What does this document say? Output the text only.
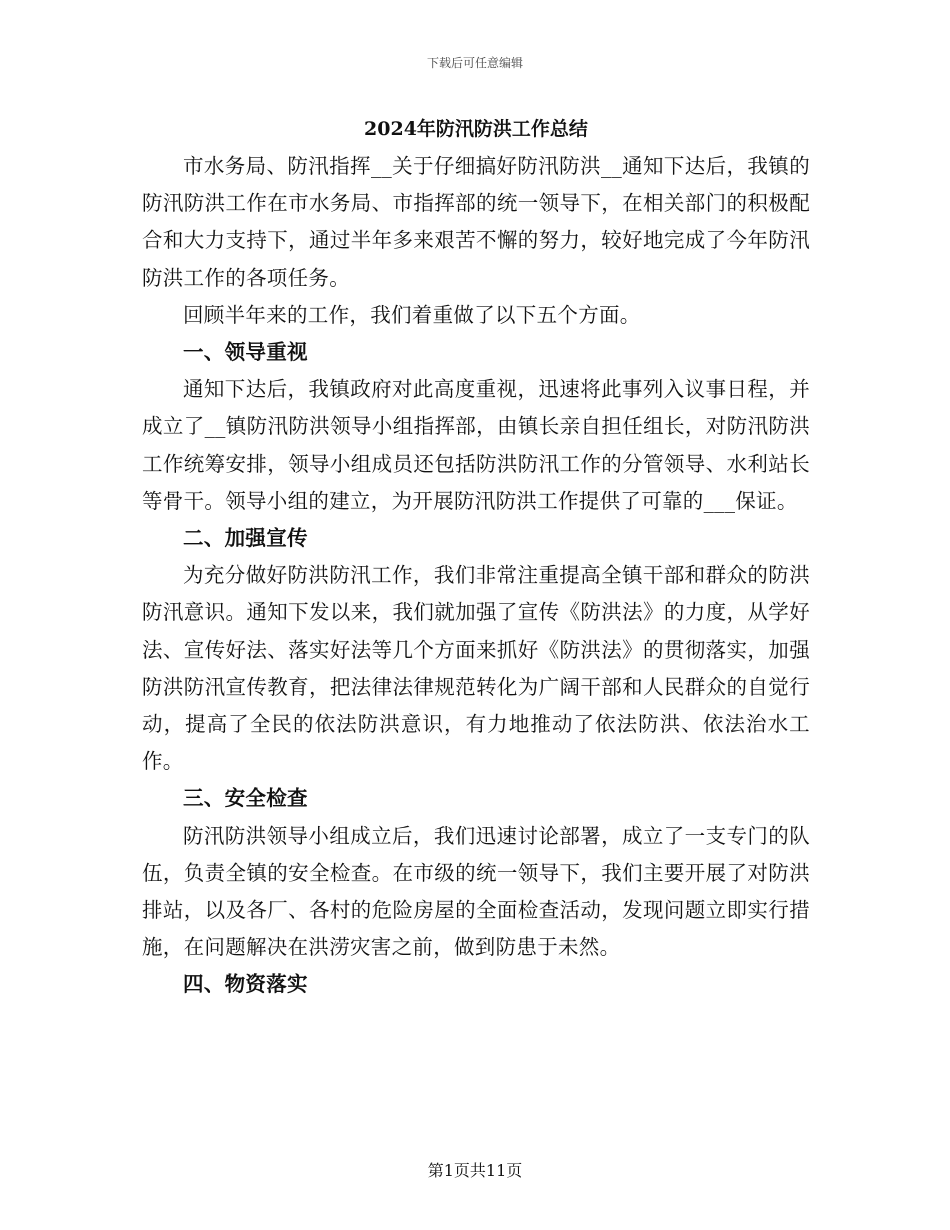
下载后可任意编辑
2024年防汛防洪工作总结

市水务局、防汛指挥__关于仔细搞好防汛防洪__通知下达后，我镇的防汛防洪工作在市水务局、市指挥部的统一领导下，在相关部门的积极配合和大力支持下，通过半年多来艰苦不懈的努力，较好地完成了今年防汛防洪工作的各项任务。

回顾半年来的工作，我们着重做了以下五个方面。

一、领导重视

通知下达后，我镇政府对此高度重视，迅速将此事列入议事日程，并成立了__镇防汛防洪领导小组指挥部，由镇长亲自担任组长，对防汛防洪工作统筹安排，领导小组成员还包括防洪防汛工作的分管领导、水利站长等骨干。领导小组的建立，为开展防汛防洪工作提供了可靠的___保证。

二、加强宣传

为充分做好防洪防汛工作，我们非常注重提高全镇干部和群众的防洪防汛意识。通知下发以来，我们就加强了宣传《防洪法》的力度，从学好法、宣传好法、落实好法等几个方面来抓好《防洪法》的贯彻落实，加强防洪防汛宣传教育，把法律法律规范转化为广阔干部和人民群众的自觉行动，提高了全民的依法防洪意识，有力地推动了依法防洪、依法治水工作。

三、安全检查

防汛防洪领导小组成立后，我们迅速讨论部署，成立了一支专门的队伍，负责全镇的安全检查。在市级的统一领导下，我们主要开展了对防洪排站，以及各厂、各村的危险房屋的全面检查活动，发现问题立即实行措施，在问题解决在洪涝灾害之前，做到防患于未然。

四、物资落实

第1页共11页
